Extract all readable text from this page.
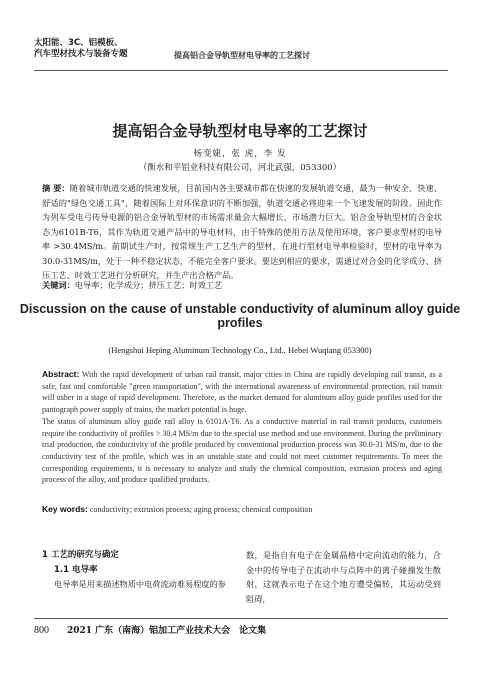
太阳能、3C、铝模板、
汽车型材技术与装备专题	提高铝合金导轨型材电导率的工艺探讨
提高铝合金导轨型材电导率的工艺探讨
杨变婕，张 虎，李 发
（衡水和平铝业科技有限公司，河北武强，053300）
摘 要：随着城市轨道交通的快速发展，目前国内各主要城市都在快速的发展轨道交通，最为一种安全、快速、舒适的"绿色交通工具"，随着国际上对环保意识的不断加强，轨道交通必将迎来一个飞速发展的阶段。因此作为列车受电弓传导电源的铝合金导轨型材的市场需求量会大幅增长，市场潜力巨大。铝合金导轨型材的合金状态为6101B-T6，其作为轨道交通产品中的导电材料，由于特殊的使用方法及使用环境，客户要求型材的电导率 >30.4MS/m。前期试生产时，按常规生产工艺生产的型材，在进行型材电导率检验时，型材的电导率为 30.0-31MS/m，处于一种不稳定状态，不能完全客户要求。要达到相应的要求，需通过对合金的化学成分、挤压工艺、时效工艺进行分析研究，并生产出合格产品。
关键词：电导率；化学成分；挤压工艺；时效工艺
Discussion on the cause of unstable conductivity of aluminum alloy guide profiles
(Hengshui Heping Aluminum Technology Co., Ltd., Hebei Wuqiang 053300)

Abstract: With the rapid development of urban rail transit, major cities in China are rapidly developing rail transit, as a safe, fast and comfortable "green transportation", with the international awareness of environmental protection, rail transit will usher in a stage of rapid development. Therefore, as the market demand for aluminum alloy guide profiles used for the pantograph power supply of trains, the market potential is huge.

The status of aluminum alloy guide rail alloy is 6101A-T6. As a conductive material in rail transit products, customers require the conductivity of profiles > 30.4 MS/m due to the special use method and use environment. During the preliminary trial production, the conductivity of the profile produced by conventional production process was 30.0-31 MS/m, due to the conductivity test of the profile, which was in an unstable state and could not meet customer requirements. To meet the corresponding requirements, it is necessary to analyze and study the chemical composition, extrusion process and aging process of the alloy, and produce qualified products.

Key words: conductivity; extrusion process; aging process; chemical composition
1 工艺的研究与确定
1.1 电导率
电导率是用来描述物质中电荷流动难易程度的参
数，是指自有电子在金属晶格中定向流动的能力，合金中的传导电子在流动中与点阵中的离子碰撞发生散射，这就表示电子在这个地方遭受偏转，其运动受到阻碍，
800 2021 广东（南海）铝加工产业技术大会　论文集
